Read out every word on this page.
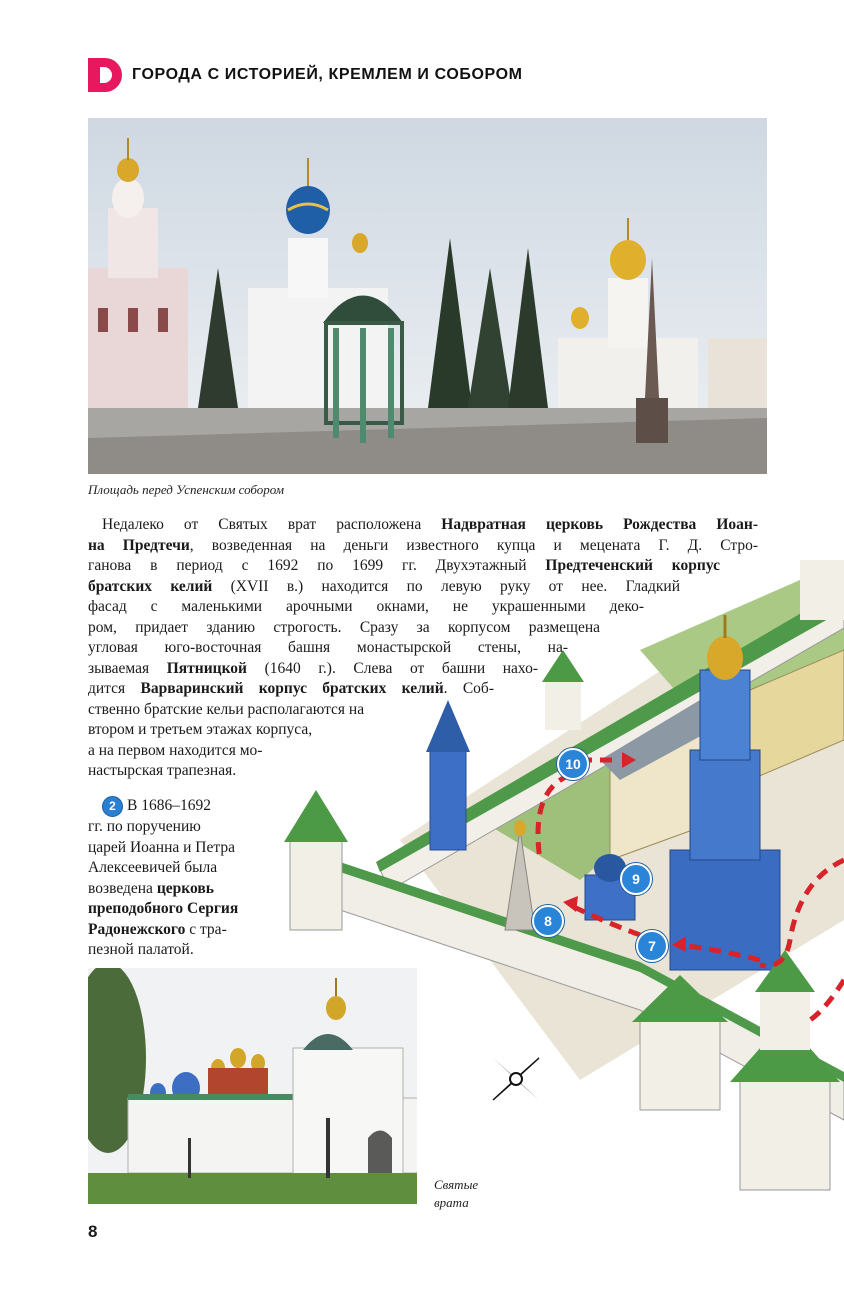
ГОРОДА С ИСТОРИЕЙ, КРЕМЛЕМ И СОБОРОМ
Площадь перед Успенским собором
10
9
8
7
Недалеко от Святых врат расположена Надвратная церковь Рождества Иоан-
на Предтечи, возведенная на деньги известного купца и мецената Г. Д. Стро-
ганова в период с 1692 по 1699 гг. Двухэтажный Предтеченский корпус
братских келий (XVII в.) находится по левую руку от нее. Гладкий
фасад с маленькими арочными окнами, не украшенными деко-
ром, придает зданию строгость. Сразу за корпусом размещена
угловая юго-восточная башня монастырской стены, на-
зываемая Пятницкой (1640 г.). Слева от башни нахо-
дится Варваринский корпус братских келий. Соб-
ственно братские кельи располагаются на
втором и третьем этажах корпуса,
а на первом находится мо-
настырская трапезная.
2 В 1686–1692
гг. по поручению
царей Иоанна и Петра
Алексеевичей была
возведена церковь
преподобного Сергия
Радонежского с тра-
пезной палатой.
Святые
врата
8
